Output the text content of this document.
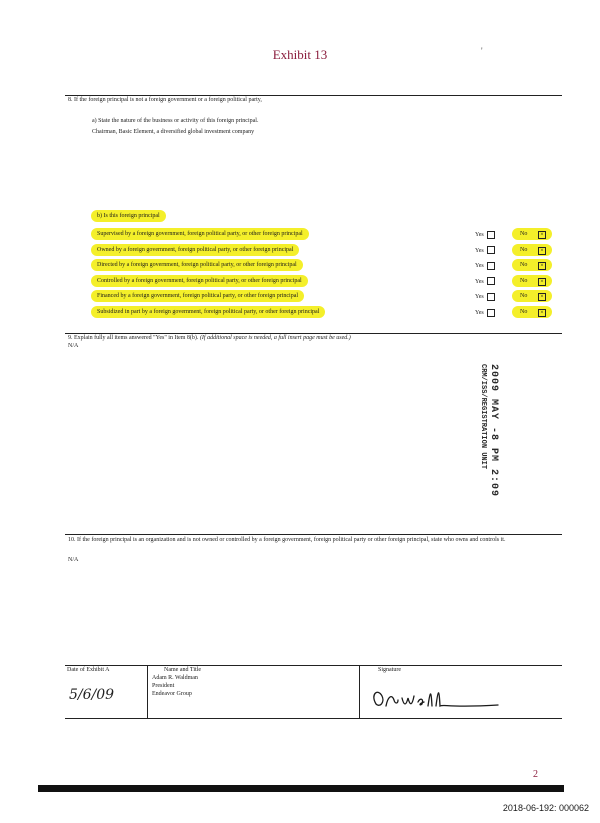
Exhibit 13	'
8. If the foreign principal is not a foreign government or a foreign political party,
a) State the nature of the business or activity of this foreign principal.
Chairman, Basic Element, a diversified global investment company
b) Is this foreign principal
Supervised by a foreign government, foreign political party, or other foreign principal	Yes	No	×
Owned by a foreign government, foreign political party, or other foreign principal	Yes	No	×
Directed by a foreign government, foreign political party, or other foreign principal	Yes	No	×
Controlled by a foreign government, foreign political party, or other foreign principal	Yes	No	×
Financed by a foreign government, foreign political party, or other foreign principal	Yes	No	×
Subsidized in part by a foreign government, foreign political party, or other foreign principal	Yes	No	×
9. Explain fully all items answered "Yes" in Item 8(b). (If additional space is needed, a full insert page must be used.)
N/A
2009 MAY -8 PM 2:09
CRM/ISS/REGISTRATION UNIT
10. If the foreign principal is an organization and is not owned or controlled by a foreign government, foreign political party or other foreign principal, state who owns and controls it.
N/A
Date of Exhibit A
5/6/09
Name and Title
Adam R. Waldman
President
Endeavor Group
Signature
2
2018-06-192: 000062
